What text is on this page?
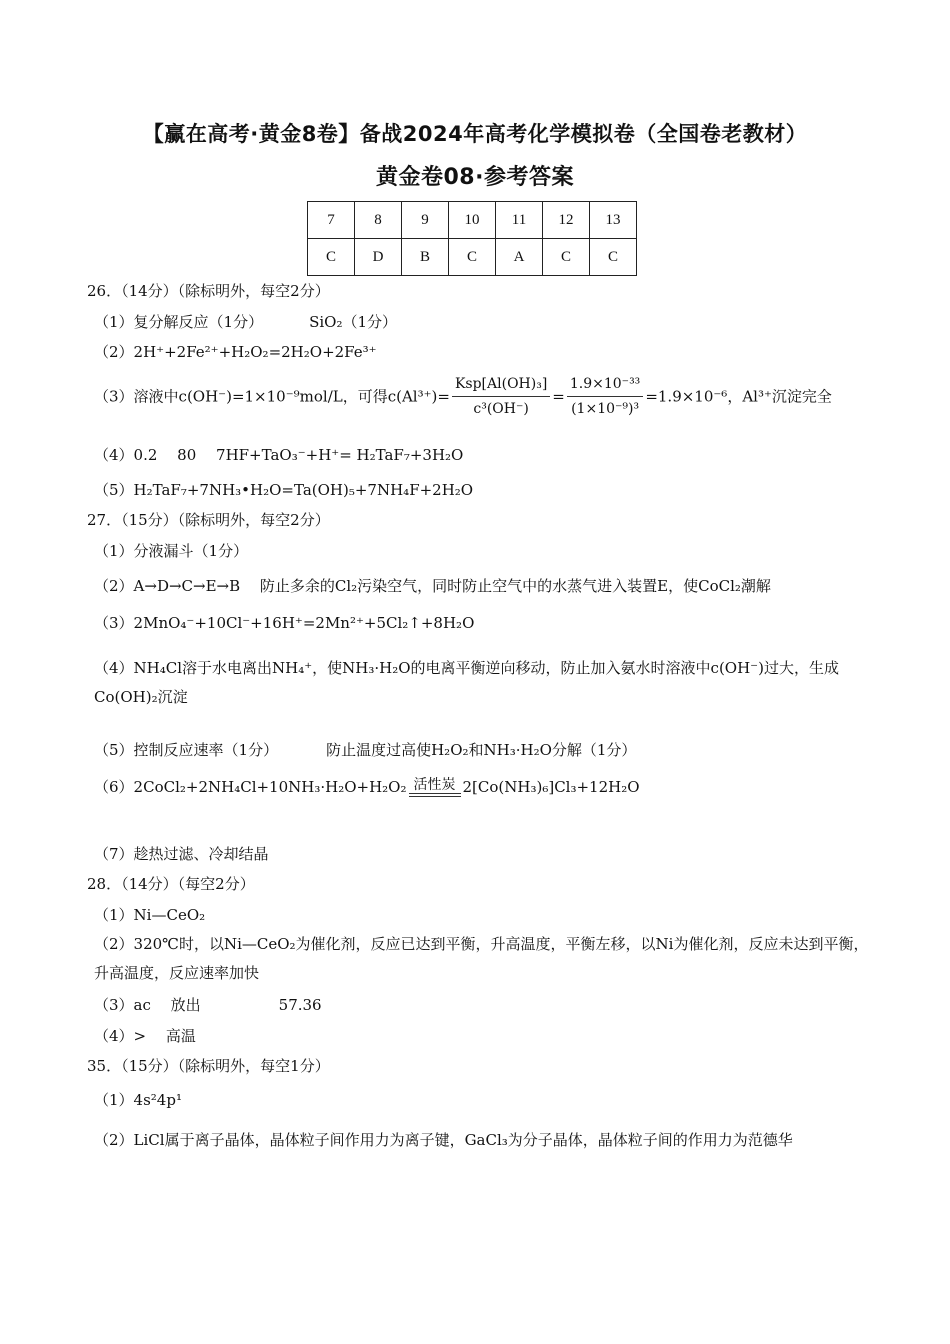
【赢在高考·黄金8卷】备战2024年高考化学模拟卷（全国卷老教材）
黄金卷08·参考答案
7	8	9	10	11	12	13
C	D	B	C	A	C	C
26．（14分）（除标明外，每空2分）
（1）复分解反应（1分）	SiO₂（1分）
（2）2H⁺+2Fe²⁺+H₂O₂=2H₂O+2Fe³⁺
（3）溶液中c(OH⁻)=1×10⁻⁹mol/L，可得$c(Al^{3+})= \frac{\text{Ksp[Al(OH)₃]}}{\text{c³(OH⁻)}} = \frac{\text{1.9×10⁻³³}}{\text{(1×10⁻⁹)³}} =1.9\times 10^{-6}$，Al³⁺沉淀完全
（4）0.2　 80　 7HF+TaO₃⁻+H⁺= H₂TaF₇+3H₂O
（5）H₂TaF₇+7NH₃•H₂O=Ta(OH)₅+7NH₄F+2H₂O
27．（15分）（除标明外，每空2分）
（1）分液漏斗（1分）
（2）A→D→C→E→B　 防止多余的Cl₂污染空气，同时防止空气中的水蒸气进入装置E，使CoCl₂潮解
（3）2MnO₄⁻+10Cl⁻+16H⁺=2Mn²⁺+5Cl₂↑+8H₂O
（4）NH₄Cl溶于水电离出NH₄⁺，使NH₃·H₂O的电离平衡逆向移动，防止加入氨水时溶液中c(OH⁻)过大，生成Co(OH)₂沉淀
（5）控制反应速率（1分）	防止温度过高使H₂O₂和NH₃·H₂O分解（1分）
（6）2CoCl₂+2NH₄Cl+10NH₃·H₂O+H₂O₂ 活性炭 2[Co(NH₃)₆]Cl₃+12H₂O
（7）趁热过滤、冷却结晶
28．（14分）（每空2分）
（1）Ni—CeO₂
（2）320℃时，以Ni—CeO₂为催化剂，反应已达到平衡，升高温度，平衡左移，以Ni为催化剂，反应未达到平衡，升高温度，反应速率加快
（3）ac　 放出	57.36
（4）>　 高温
35．（15分）（除标明外，每空1分）
（1）4s²4p¹
（2）LiCl属于离子晶体，晶体粒子间作用力为离子键，GaCl₃为分子晶体，晶体粒子间的作用力为范德华
